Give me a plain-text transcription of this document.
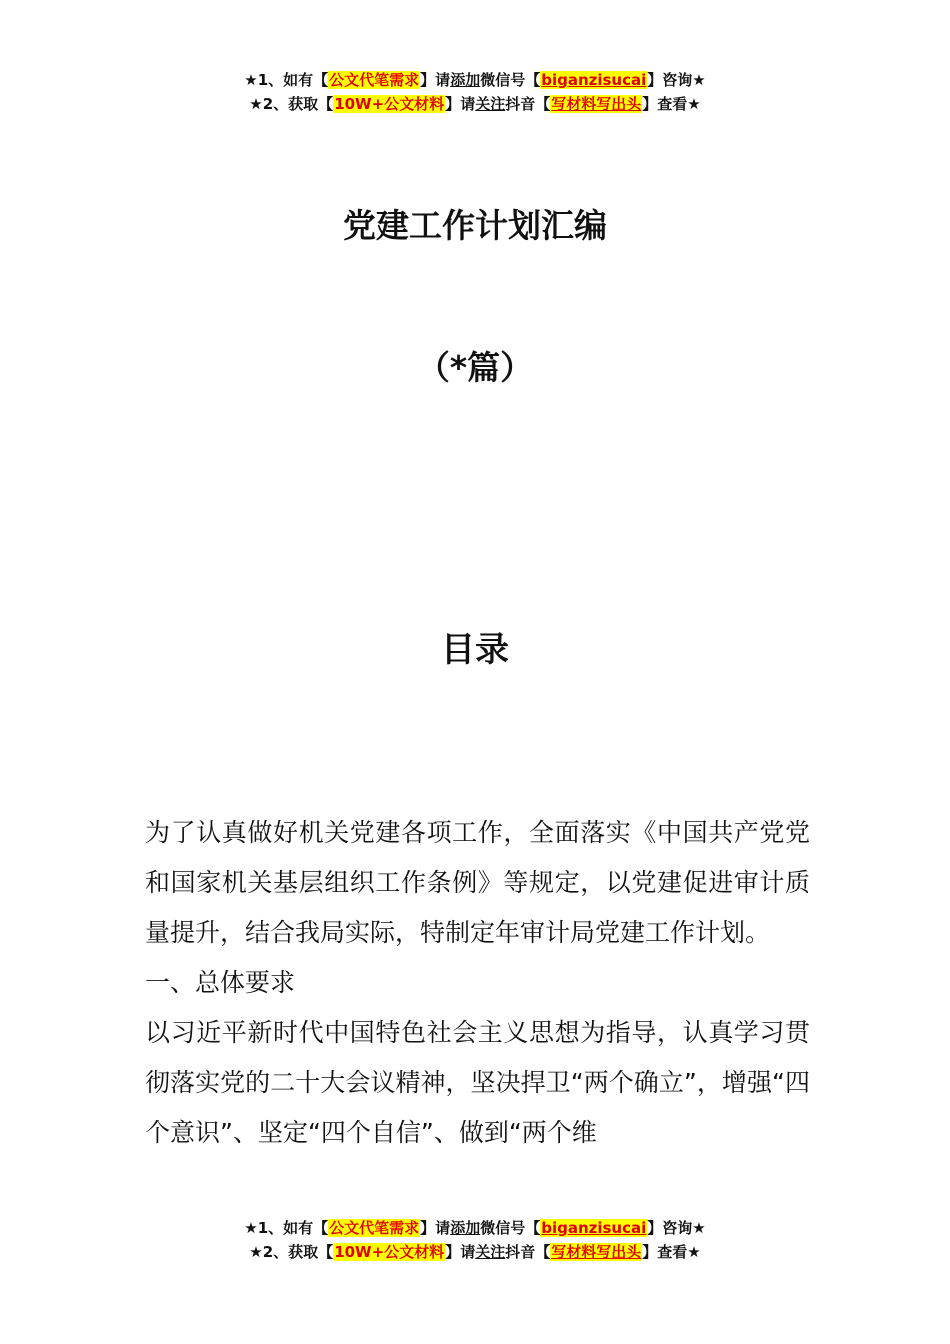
★1、如有【公文代笔需求】请添加微信号【biganzisucai】咨询★
★2、获取【10W+公文材料】请关注抖音【写材料写出头】查看★
党建工作计划汇编
（*篇）
目录

为了认真做好机关党建各项工作，全面落实《中国共产党党和国家机关基层组织工作条例》等规定，以党建促进审计质量提升，结合我局实际，特制定年审计局党建工作计划。

一、总体要求

以习近平新时代中国特色社会主义思想为指导，认真学习贯彻落实党的二十大会议精神，坚决捍卫“两个确立”，增强“四个意识”、坚定“四个自信”、做到“两个维

★1、如有【公文代笔需求】请添加微信号【biganzisucai】咨询★
★2、获取【10W+公文材料】请关注抖音【写材料写出头】查看★
